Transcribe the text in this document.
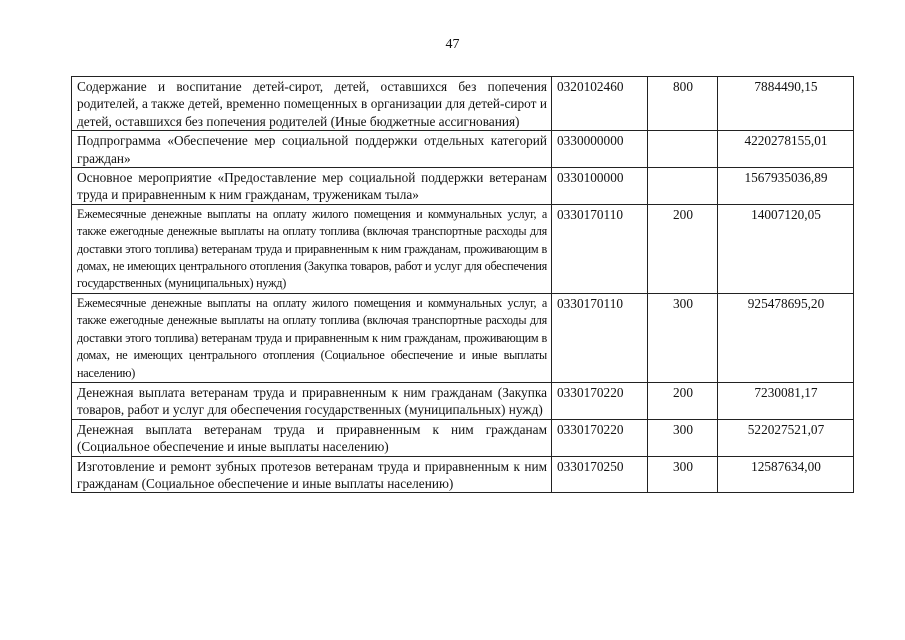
47
Содержание и воспитание детей-сирот, детей, оставшихся без попечения родителей, а также детей, временно помещенных в организации для детей-сирот и детей, оставшихся без попечения родителей (Иные бюджетные ассигнования)	0320102460	800	7884490,15
Подпрограмма «Обеспечение мер социальной поддержки отдельных категорий граждан»	0330000000		4220278155,01
Основное мероприятие «Предоставление мер социальной поддержки ветеранам труда и приравненным к ним гражданам, труженикам тыла»	0330100000		1567935036,89
Ежемесячные денежные выплаты на оплату жилого помещения и коммунальных услуг, а также ежегодные денежные выплаты на оплату топлива (включая транспортные расходы для доставки этого топлива) ветеранам труда и приравненным к ним гражданам, проживающим в домах, не имеющих центрального отопления (Закупка товаров, работ и услуг для обеспечения государственных (муниципальных) нужд)	0330170110	200	14007120,05
Ежемесячные денежные выплаты на оплату жилого помещения и коммунальных услуг, а также ежегодные денежные выплаты на оплату топлива (включая транспортные расходы для доставки этого топлива) ветеранам труда и приравненным к ним гражданам, проживающим в домах, не имеющих центрального отопления (Социальное обеспечение и иные выплаты населению)	0330170110	300	925478695,20
Денежная выплата ветеранам труда и приравненным к ним гражданам (Закупка товаров, работ и услуг для обеспечения государственных (муниципальных) нужд)	0330170220	200	7230081,17
Денежная выплата ветеранам труда и приравненным к ним гражданам (Социальное обеспечение и иные выплаты населению)	0330170220	300	522027521,07
Изготовление и ремонт зубных протезов ветеранам труда и приравненным к ним гражданам (Социальное обеспечение и иные выплаты населению)	0330170250	300	12587634,00
